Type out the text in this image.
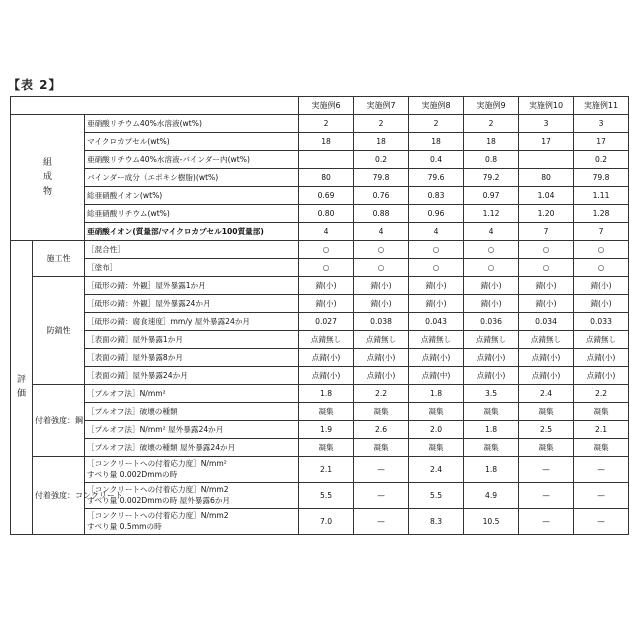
【表 2】
	実施例6	実施例7	実施例8	実施例9	実施例10	実施例11
組
成
物	亜硝酸リチウム40%水溶液(wt%)	2	2	2	2	3	3
マイクロカプセル(wt%)	18	18	18	18	17	17
亜硝酸リチウム40%水溶液-バインダー内(wt%)		0.2	0.4	0.8		0.2
バインダー成分（エポキシ樹脂)(wt%)	80	79.8	79.6	79.2	80	79.8
総亜硝酸イオン(wt%)	0.69	0.76	0.83	0.97	1.04	1.11
総亜硝酸リチウム(wt%)	0.80	0.88	0.96	1.12	1.20	1.28
亜硝酸イオン(質量部/マイクロカプセル100質量部)	4	4	4	4	7	7
評
価	施工性	［混合性］	○	○	○	○	○	○
［塗布］	○	○	○	○	○	○
防錆性	［砥形の錆：外観］屋外暴露1か月	錆(小)	錆(小)	錆(小)	錆(小)	錆(小)	錆(小)
［砥形の錆：外観］屋外暴露24か月	錆(小)	錆(小)	錆(小)	錆(小)	錆(小)	錆(小)
［砥形の錆：腐食速度］mm/y 屋外暴露24か月	0.027	0.038	0.043	0.036	0.034	0.033
［表面の錆］屋外暴露1か月	点錆無し	点錆無し	点錆無し	点錆無し	点錆無し	点錆無し
［表面の錆］屋外暴露8か月	点錆(小)	点錆(小)	点錆(小)	点錆(小)	点錆(小)	点錆(小)
［表面の錆］屋外暴露24か月	点錆(小)	点錆(小)	点錆(中)	点錆(小)	点錆(小)	点錆(小)
付着強度：鋼	［プルオフ法］N/mm²	1.8	2.2	1.8	3.5	2.4	2.2
［プルオフ法］破壊の種類	凝集	凝集	凝集	凝集	凝集	凝集
［プルオフ法］N/mm² 屋外暴露24か月	1.9	2.6	2.0	1.8	2.5	2.1
［プルオフ法］破壊の種類 屋外暴露24か月	凝集	凝集	凝集	凝集	凝集	凝集
付着強度：コンクリート	［コンクリートへの付着応力度］N/mm²
すべり量 0.002Dmmの時	2.1	—	2.4	1.8	—	—
［コンクリートへの付着応力度］N/mm2
すべり量 0.002Dmmの時 屋外暴露6か月	5.5	—	5.5	4.9	—	—
［コンクリートへの付着応力度］N/mm2
すべり量 0.5mmの時	7.0	—	8.3	10.5	—	—
